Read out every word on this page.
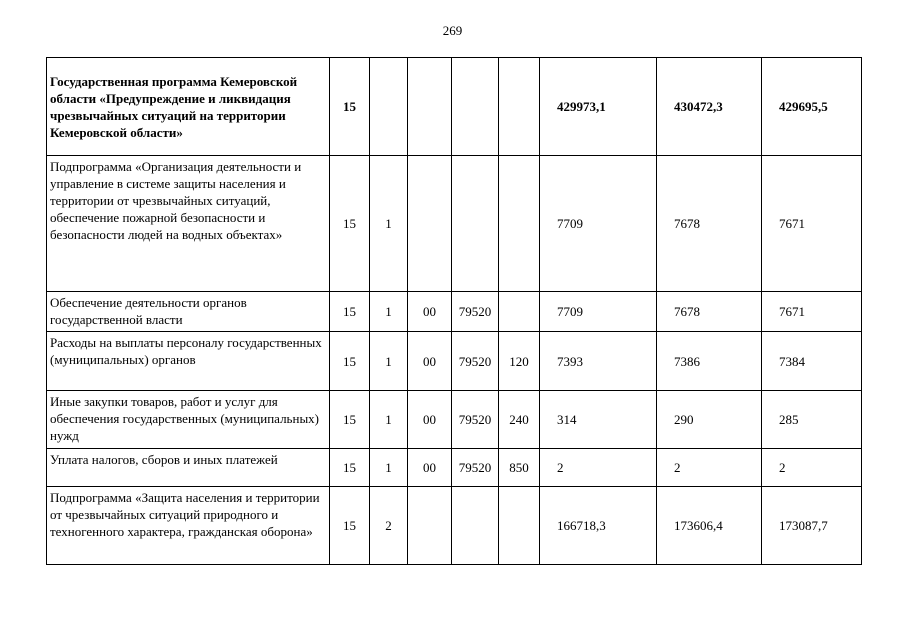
269
Государственная программа Кемеровской области «Предупреждение и ликвидация чрезвычайных ситуаций на территории Кемеровской области»	15					429973,1	430472,3	429695,5
Подпрограмма «Организация деятельности и управление в системе защиты населения и территории от чрезвычайных ситуаций, обеспечение пожарной безопасности и безопасности людей на водных объектах»	15	1				7709	7678	7671
Обеспечение деятельности органов государственной власти	15	1	00	79520		7709	7678	7671
Расходы на выплаты персоналу государственных (муниципальных) органов	15	1	00	79520	120	7393	7386	7384
Иные закупки товаров, работ и услуг для обеспечения государственных (муниципальных) нужд	15	1	00	79520	240	314	290	285
Уплата налогов, сборов и иных платежей	15	1	00	79520	850	2	2	2
Подпрограмма «Защита населения и территории от чрезвычайных ситуаций природного и техногенного характера, гражданская оборона»	15	2				166718,3	173606,4	173087,7
